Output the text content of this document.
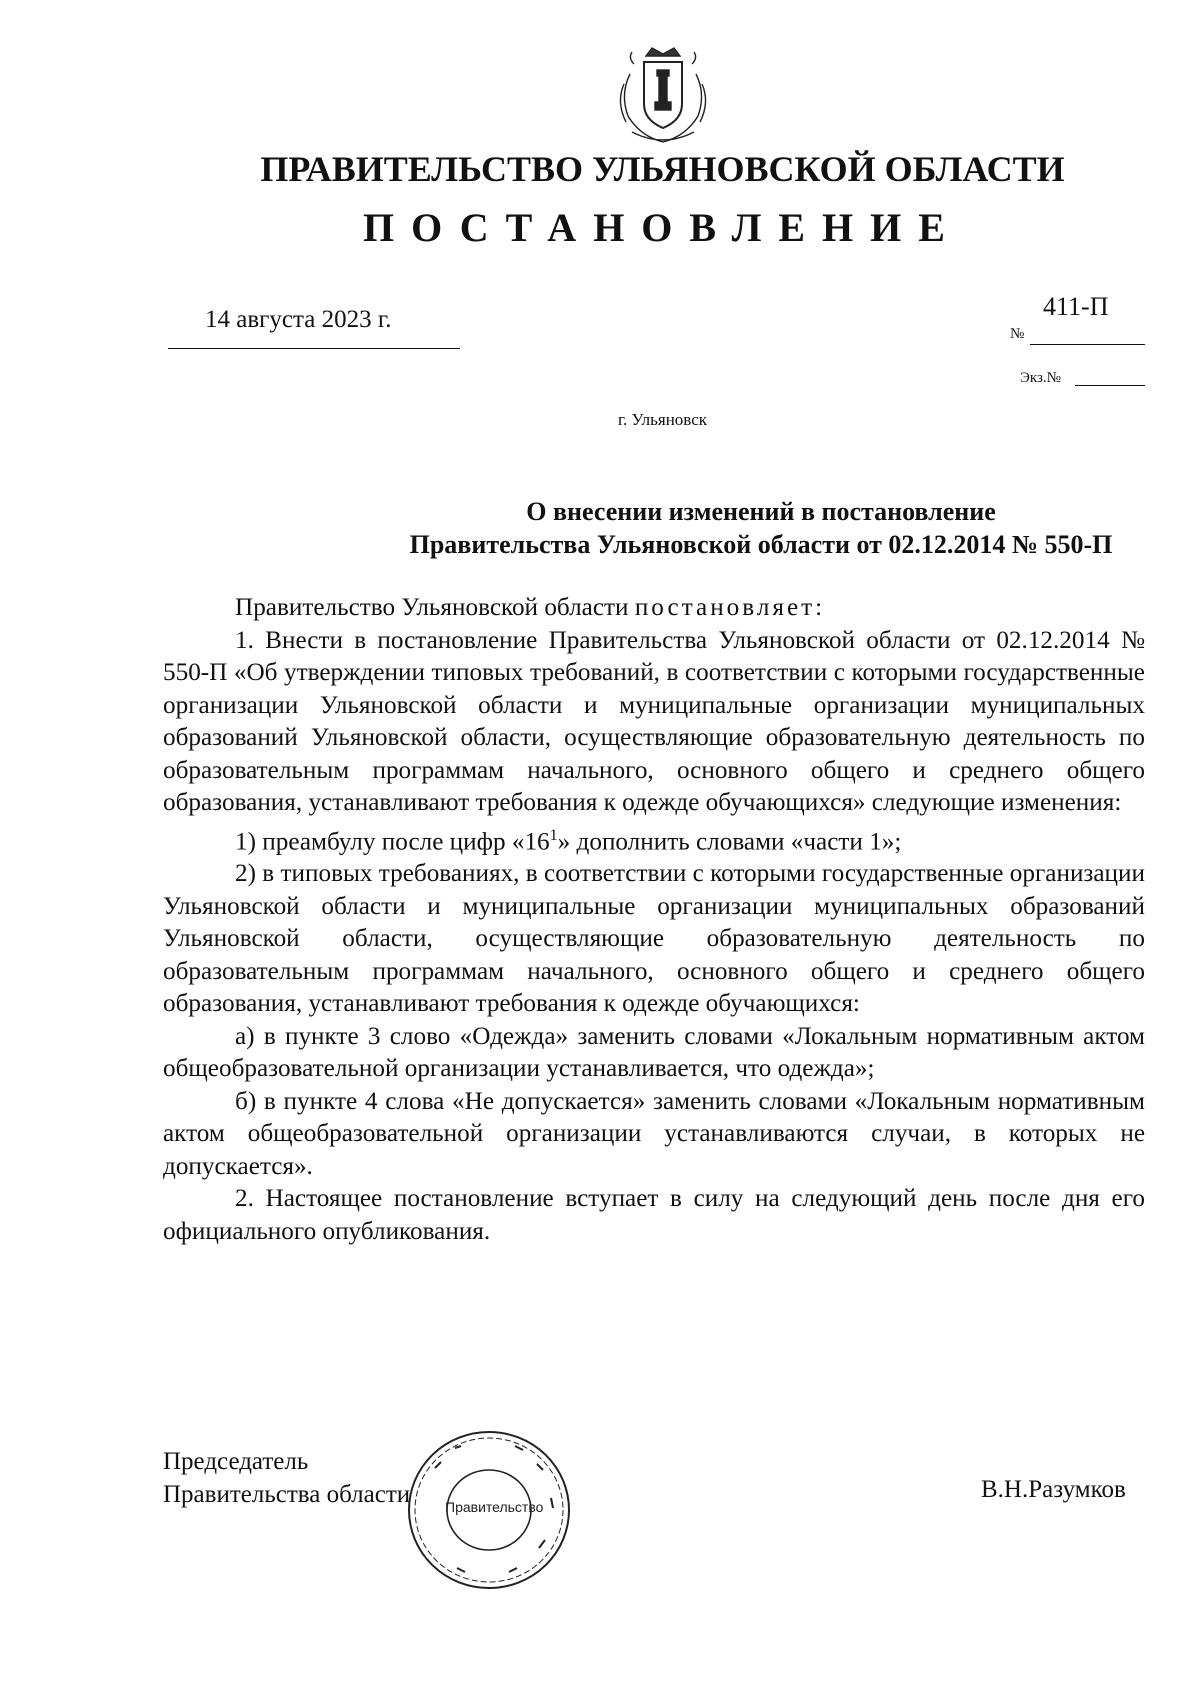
ПРАВИТЕЛЬСТВО УЛЬЯНОВСКОЙ ОБЛАСТИ
ПОСТАНОВЛЕНИЕ
14 августа 2023 г.	411-П
№
Экз.№
г. Ульяновск
О внесении изменений в постановление
Правительства Ульяновской области от 02.12.2014 № 550-П

Правительство Ульяновской области постановляет:

1. Внести в постановление Правительства Ульяновской области от 02.12.2014 № 550-П «Об утверждении типовых требований, в соответствии с которыми государственные организации Ульяновской области и муниципальные организации муниципальных образований Ульяновской области, осуществляющие образовательную деятельность по образовательным программам начального, основного общего и среднего общего образования, устанавливают требования к одежде обучающихся» следующие изменения:

1) преамбулу после цифр «$16^1$» дополнить словами «части 1»;

2) в типовых требованиях, в соответствии с которыми государственные организации Ульяновской области и муниципальные организации муниципальных образований Ульяновской области, осуществляющие образовательную деятельность по образовательным программам начального, основного общего и среднего общего образования, устанавливают требования к одежде обучающихся:

а) в пункте 3 слово «Одежда» заменить словами «Локальным нормативным актом общеобразовательной организации устанавливается, что одежда»;

б) в пункте 4 слова «Не допускается» заменить словами «Локальным нормативным актом общеобразовательной организации устанавливаются случаи, в которых не допускается».

2. Настоящее постановление вступает в силу на следующий день после дня его официального опубликования.

Председатель
Правительства области Правительство
В.Н.Разумков
